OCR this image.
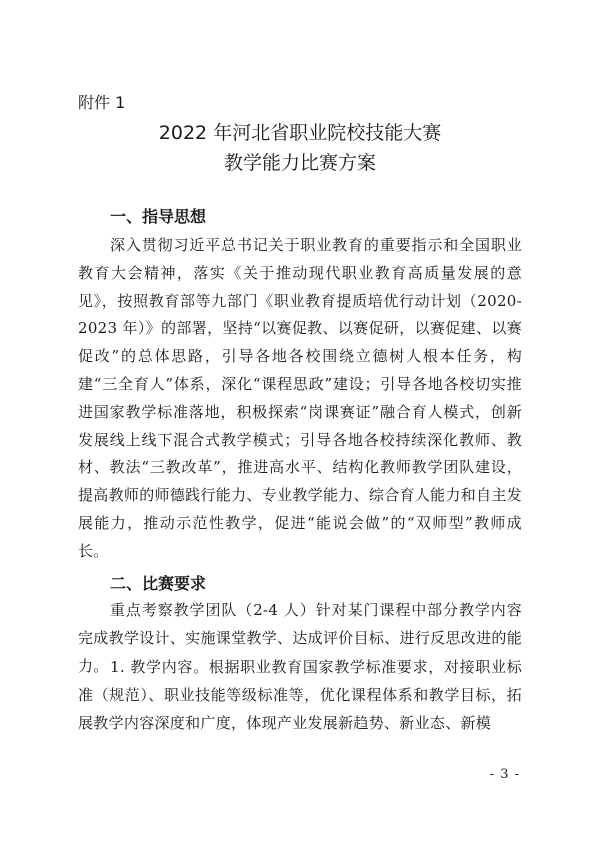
附件 1
2022 年河北省职业院校技能大赛
教学能力比赛方案
一、指导思想

深入贯彻习近平总书记关于职业教育的重要指示和全国职业教育大会精神，落实《关于推动现代职业教育高质量发展的意见》，按照教育部等九部门《职业教育提质培优行动计划（2020-2023 年）》的部署，坚持“以赛促教、以赛促研，以赛促建、以赛促改”的总体思路，引导各地各校围绕立德树人根本任务，构建“三全育人”体系，深化“课程思政”建设；引导各地各校切实推进国家教学标准落地，积极探索“岗课赛证”融合育人模式，创新发展线上线下混合式教学模式；引导各地各校持续深化教师、教材、教法“三教改革”，推进高水平、结构化教师教学团队建设，提高教师的师德践行能力、专业教学能力、综合育人能力和自主发展能力，推动示范性教学，促进“能说会做”的“双师型”教师成长。

二、比赛要求

重点考察教学团队（2-4 人）针对某门课程中部分教学内容完成教学设计、实施课堂教学、达成评价目标、进行反思改进的能力。 1. 教学内容。根据职业教育国家教学标准要求，对接职业标准（规范）、职业技能等级标准等，优化课程体系和教学目标，拓展教学内容深度和广度，体现产业发展新趋势、新业态、新模

- 3 -
